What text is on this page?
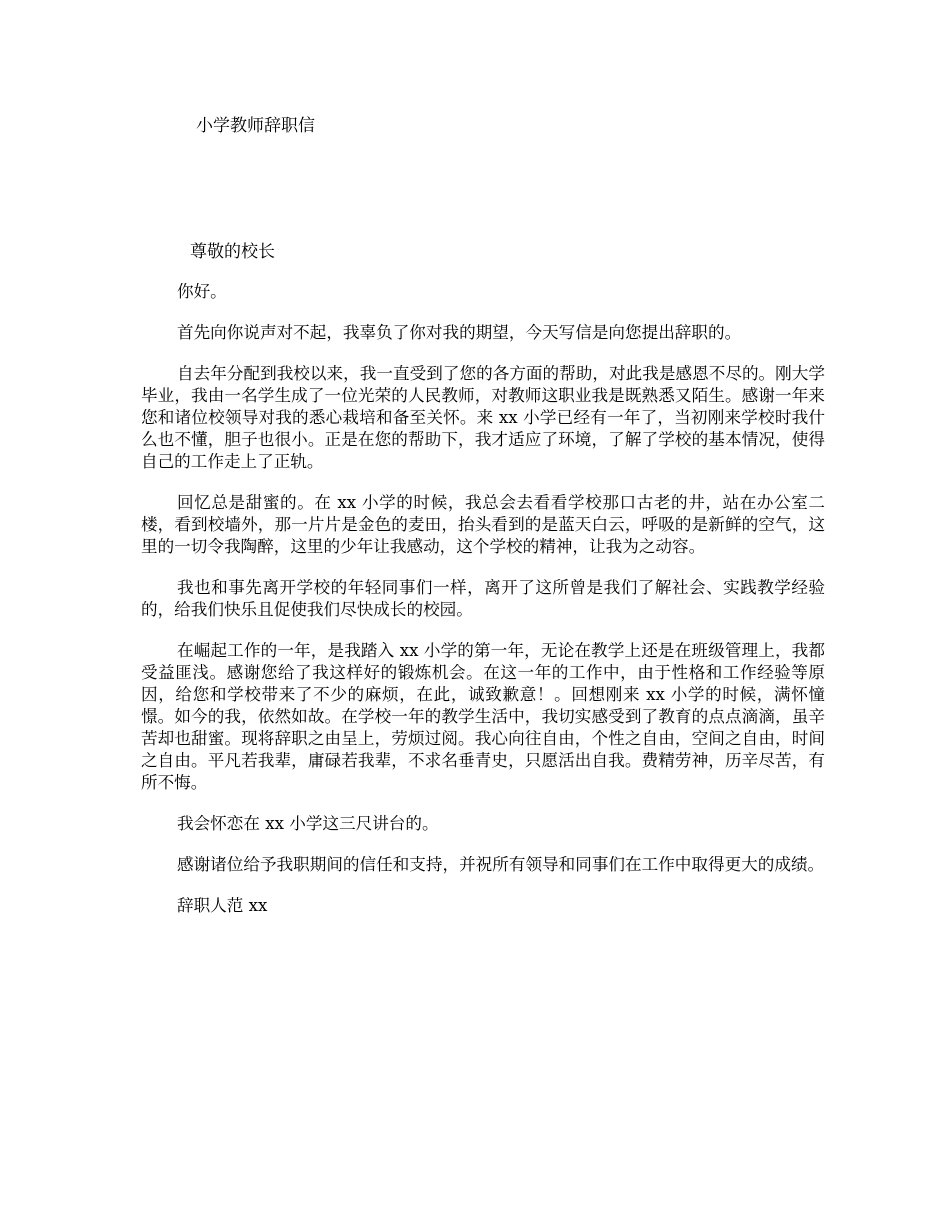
小学教师辞职信
尊敬的校长

你好。

首先向你说声对不起，我辜负了你对我的期望，今天写信是向您提出辞职的。

自去年分配到我校以来，我一直受到了您的各方面的帮助，对此我是感恩不尽的。刚大学毕业，我由一名学生成了一位光荣的人民教师，对教师这职业我是既熟悉又陌生。感谢一年来您和诸位校领导对我的悉心栽培和备至关怀。来 xx 小学已经有一年了，当初刚来学校时我什么也不懂，胆子也很小。正是在您的帮助下，我才适应了环境，了解了学校的基本情况，使得自己的工作走上了正轨。

回忆总是甜蜜的。在 xx 小学的时候，我总会去看看学校那口古老的井，站在办公室二楼，看到校墙外，那一片片是金色的麦田，抬头看到的是蓝天白云，呼吸的是新鲜的空气，这里的一切令我陶醉，这里的少年让我感动，这个学校的精神，让我为之动容。

我也和事先离开学校的年轻同事们一样，离开了这所曾是我们了解社会、实践教学经验的，给我们快乐且促使我们尽快成长的校园。

在崛起工作的一年，是我踏入 xx 小学的第一年，无论在教学上还是在班级管理上，我都受益匪浅。感谢您给了我这样好的锻炼机会。在这一年的工作中，由于性格和工作经验等原因，给您和学校带来了不少的麻烦，在此，诚致歉意！。回想刚来 xx 小学的时候，满怀憧憬。如今的我，依然如故。在学校一年的教学生活中，我切实感受到了教育的点点滴滴，虽辛苦却也甜蜜。现将辞职之由呈上，劳烦过阅。我心向往自由，个性之自由，空间之自由，时间之自由。平凡若我辈，庸碌若我辈，不求名垂青史，只愿活出自我。费精劳神，历辛尽苦，有所不悔。

我会怀恋在 xx 小学这三尺讲台的。

感谢诸位给予我职期间的信任和支持，并祝所有领导和同事们在工作中取得更大的成绩。

辞职人范 xx
